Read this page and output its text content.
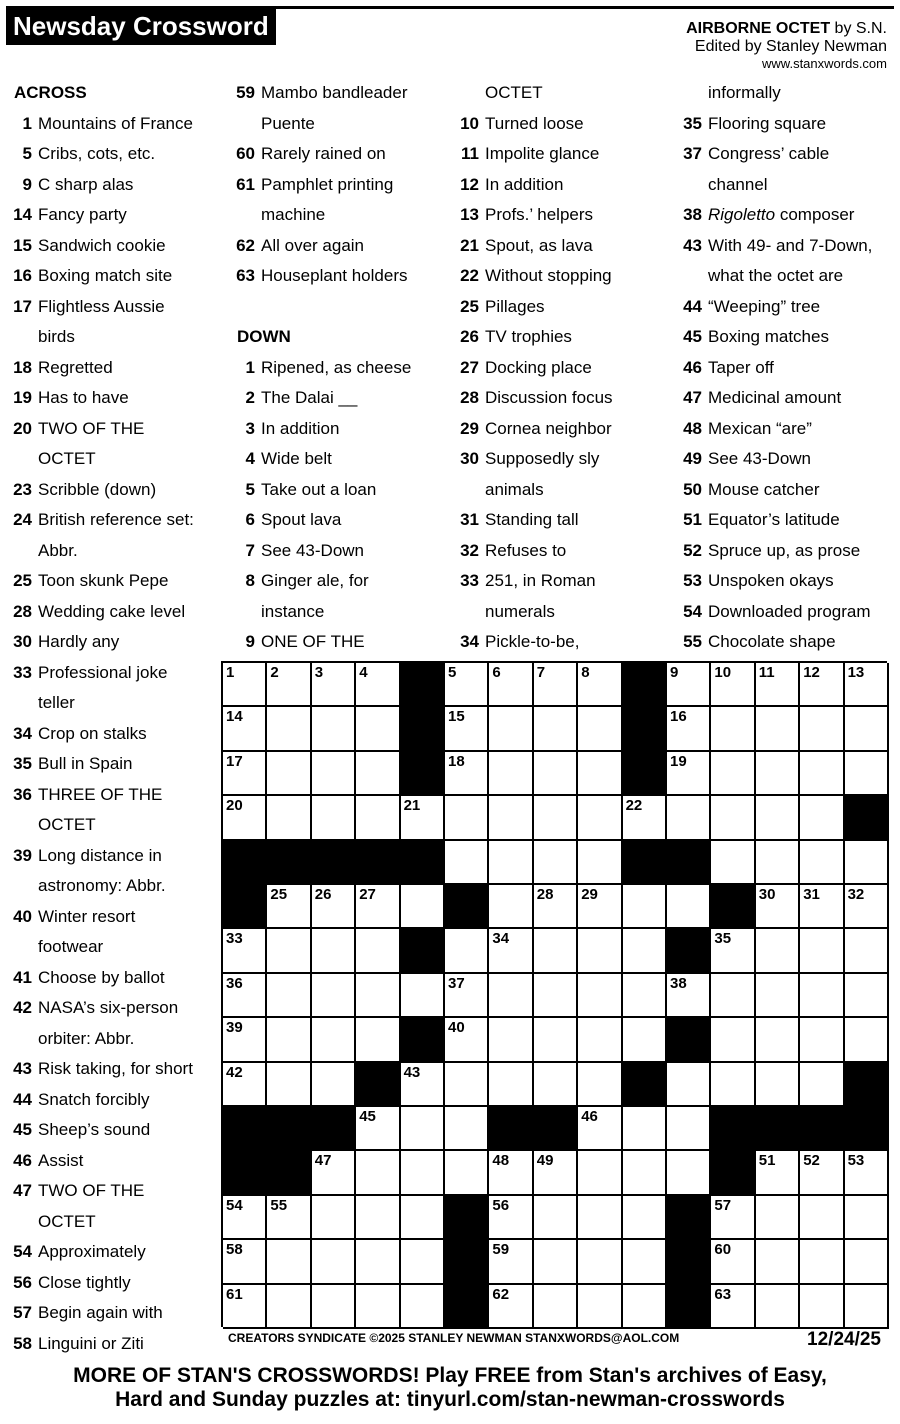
Newsday Crossword	AIRBORNE OCTET by S.N.
Edited by Stanley Newman
www.stanxwords.com
ACROSS
1 Mountains of France
5 Cribs, cots, etc.
9 C sharp alas
14 Fancy party
15 Sandwich cookie
16 Boxing match site
17 Flightless Aussie
birds
18 Regretted
19 Has to have
20 TWO OF THE
OCTET
23 Scribble (down)
24 British reference set:
Abbr.
25 Toon skunk Pepe
28 Wedding cake level
30 Hardly any
33 Professional joke
teller
34 Crop on stalks
35 Bull in Spain
36 THREE OF THE
OCTET
39 Long distance in
astronomy: Abbr.
40 Winter resort
footwear
41 Choose by ballot
42 NASA’s six-person
orbiter: Abbr.
43 Risk taking, for short
44 Snatch forcibly
45 Sheep’s sound
46 Assist
47 TWO OF THE
OCTET
54 Approximately
56 Close tightly
57 Begin again with
58 Linguini or Ziti
59 Mambo bandleader
Puente
60 Rarely rained on
61 Pamphlet printing
machine
62 All over again
63 Houseplant holders
DOWN
1 Ripened, as cheese
2 The Dalai __
3 In addition
4 Wide belt
5 Take out a loan
6 Spout lava
7 See 43-Down
8 Ginger ale, for
instance
9 ONE OF THE
OCTET
10 Turned loose
11 Impolite glance
12 In addition
13 Profs.’ helpers
21 Spout, as lava
22 Without stopping
25 Pillages
26 TV trophies
27 Docking place
28 Discussion focus
29 Cornea neighbor
30 Supposedly sly
animals
31 Standing tall
32 Refuses to
33 251, in Roman
numerals
34 Pickle-to-be,
informally
35 Flooring square
37 Congress’ cable
channel
38 Rigoletto composer
43 With 49- and 7-Down,
what the octet are
44 “Weeping” tree
45 Boxing matches
46 Taper off
47 Medicinal amount
48 Mexican “are”
49 See 43-Down
50 Mouse catcher
51 Equator’s latitude
52 Spruce up, as prose
53 Unspoken okays
54 Downloaded program
55 Chocolate shape
1 2 3 4	5 6 7 8	9 10 11 12 13
14	15	16
17	18	19
20	21	22
23	24
25 26 27	28 29	30 31 32
33	34	35
36	37	38
39	40	41
42	43	44
45	46
47	48 49	50 51 52 53
54 55	56	57
58	59	60
61	62	63
CREATORS SYNDICATE ©2025 STANLEY NEWMAN STANXWORDS@AOL.COM	12/24/25
MORE OF STAN'S CROSSWORDS! Play FREE from Stan's archives of Easy,
Hard and Sunday puzzles at: tinyurl.com/stan-newman-crosswords
